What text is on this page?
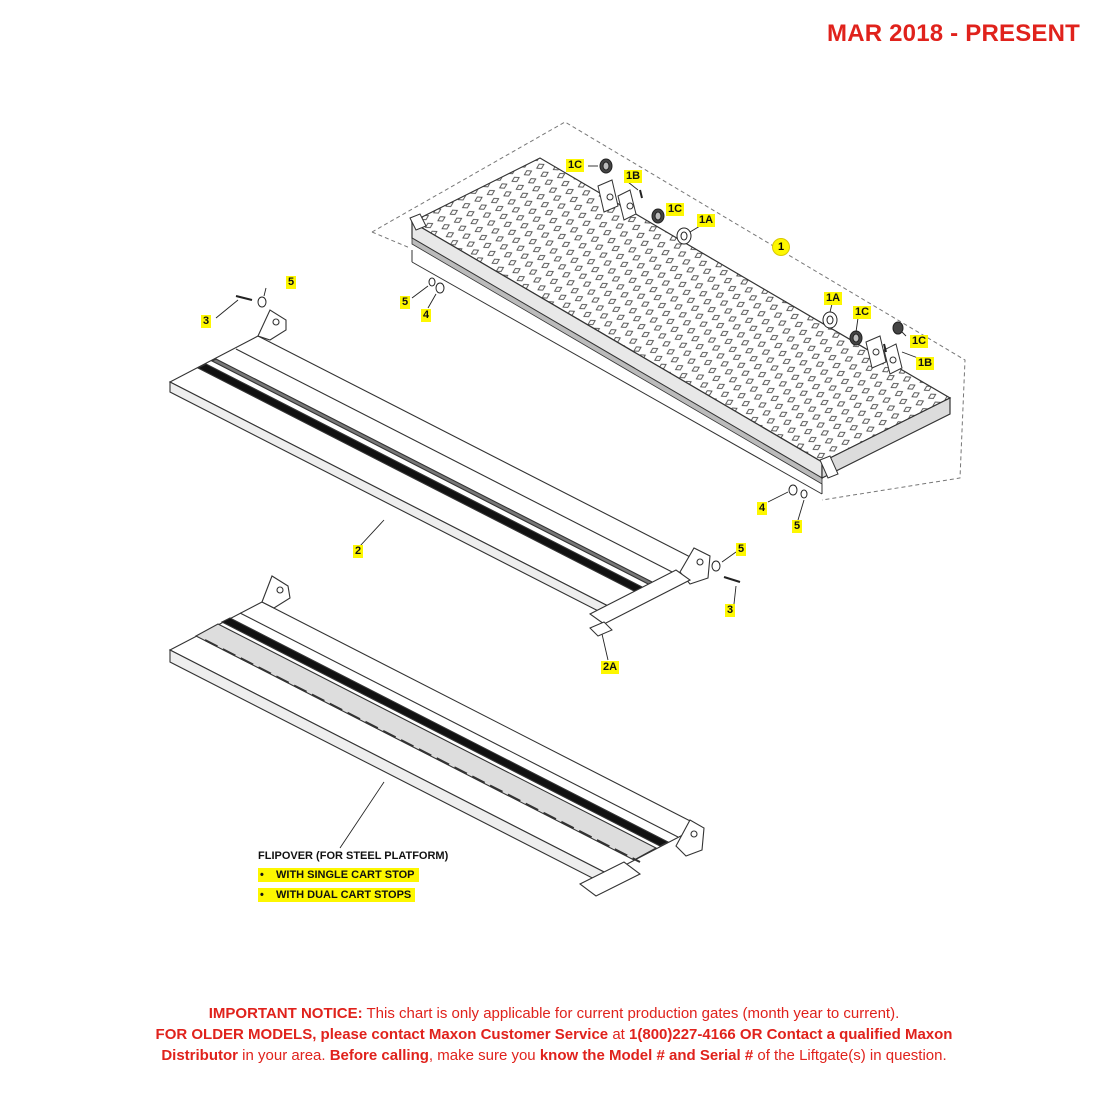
MAR 2018 - PRESENT
1
1C
1B
1C
1A
1A
1C
1C
1B
5
3
5
4
4
5
5
2
3
2A
FLIPOVER (FOR STEEL PLATFORM)
• WITH SINGLE CART STOP
• WITH DUAL CART STOPS
IMPORTANT NOTICE: This chart is only applicable for current production gates (month year to current).
FOR OLDER MODELS, please contact Maxon Customer Service at 1(800)227-4166 OR Contact a qualified Maxon
Distributor in your area. Before calling, make sure you know the Model # and Serial # of the Liftgate(s) in question.
